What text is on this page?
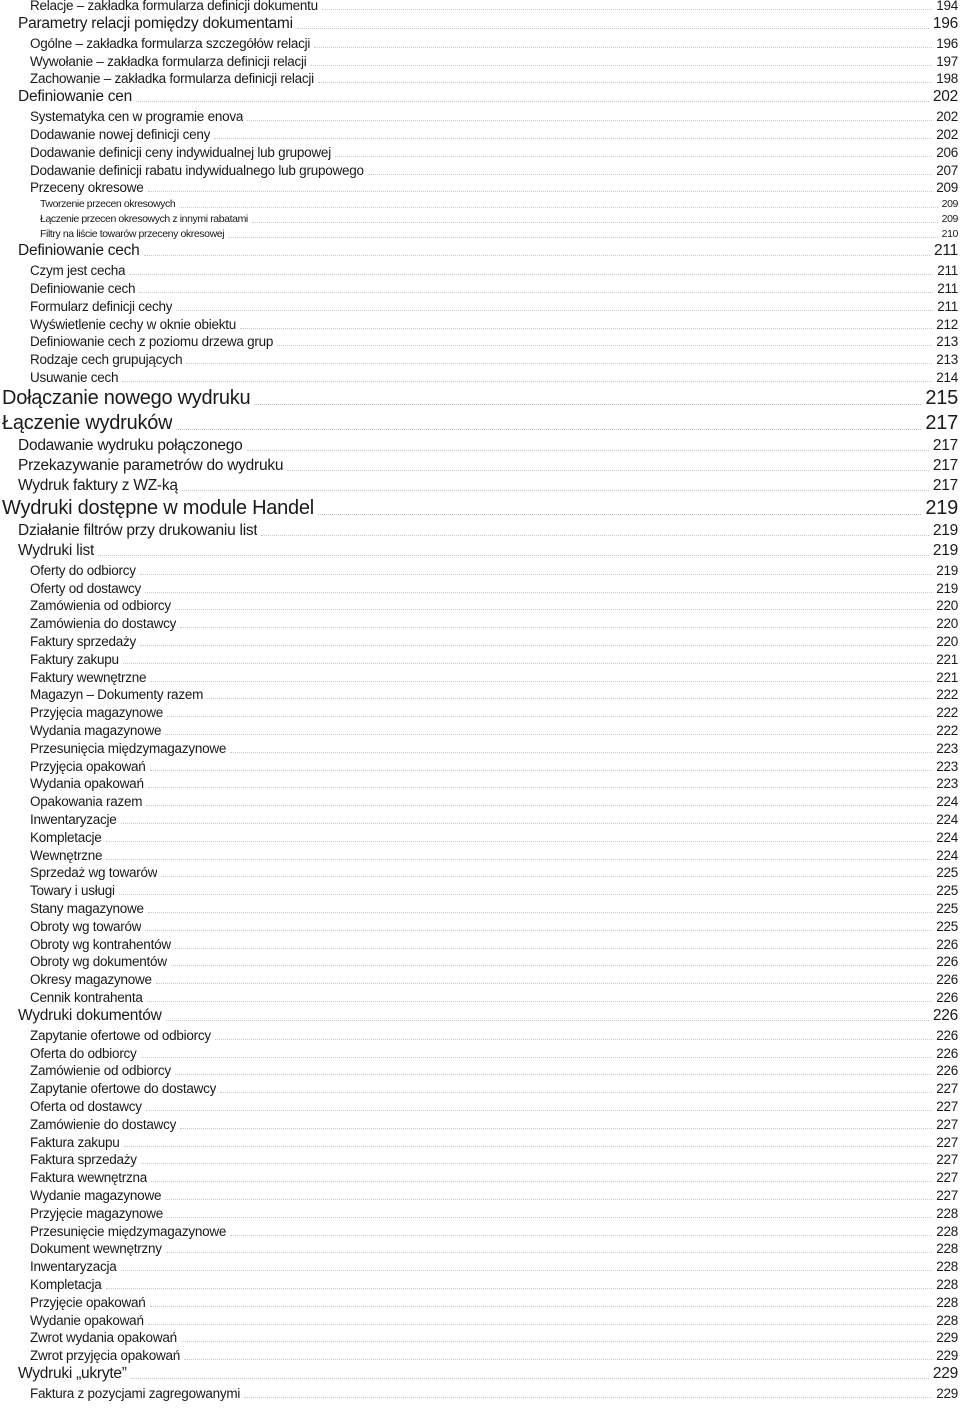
Relacje – zakładka formularza definicji dokumentu	194
Parametry relacji pomiędzy dokumentami	196
Ogólne – zakładka formularza szczegółów relacji	196
Wywołanie – zakładka formularza definicji relacji	197
Zachowanie – zakładka formularza definicji relacji	198
Definiowanie cen	202
Systematyka cen w programie enova	202
Dodawanie nowej definicji ceny	202
Dodawanie definicji ceny indywidualnej lub grupowej	206
Dodawanie definicji rabatu indywidualnego lub grupowego	207
Przeceny okresowe	209
Tworzenie przecen okresowych	209
Łączenie przecen okresowych z innymi rabatami	209
Filtry na liście towarów przeceny okresowej	210
Definiowanie cech	211
Czym jest cecha	211
Definiowanie cech	211
Formularz definicji cechy	211
Wyświetlenie cechy w oknie obiektu	212
Definiowanie cech z poziomu drzewa grup	213
Rodzaje cech grupujących	213
Usuwanie cech	214
Dołączanie nowego wydruku	215
Łączenie wydruków	217
Dodawanie wydruku połączonego	217
Przekazywanie parametrów do wydruku	217
Wydruk faktury z WZ-ką	217
Wydruki dostępne w module Handel	219
Działanie filtrów przy drukowaniu list	219
Wydruki list	219
Oferty do odbiorcy	219
Oferty od dostawcy	219
Zamówienia od odbiorcy	220
Zamówienia do dostawcy	220
Faktury sprzedaży	220
Faktury zakupu	221
Faktury wewnętrzne	221
Magazyn – Dokumenty razem	222
Przyjęcia magazynowe	222
Wydania magazynowe	222
Przesunięcia międzymagazynowe	223
Przyjęcia opakowań	223
Wydania opakowań	223
Opakowania razem	224
Inwentaryzacje	224
Kompletacje	224
Wewnętrzne	224
Sprzedaż wg towarów	225
Towary i usługi	225
Stany magazynowe	225
Obroty wg towarów	225
Obroty wg kontrahentów	226
Obroty wg dokumentów	226
Okresy magazynowe	226
Cennik kontrahenta	226
Wydruki dokumentów	226
Zapytanie ofertowe od odbiorcy	226
Oferta do odbiorcy	226
Zamówienie od odbiorcy	226
Zapytanie ofertowe do dostawcy	227
Oferta od dostawcy	227
Zamówienie do dostawcy	227
Faktura zakupu	227
Faktura sprzedaży	227
Faktura wewnętrzna	227
Wydanie magazynowe	227
Przyjęcie magazynowe	228
Przesunięcie międzymagazynowe	228
Dokument wewnętrzny	228
Inwentaryzacja	228
Kompletacja	228
Przyjęcie opakowań	228
Wydanie opakowań	228
Zwrot wydania opakowań	229
Zwrot przyjęcia opakowań	229
Wydruki „ukryte”	229
Faktura z pozycjami zagregowanymi	229
